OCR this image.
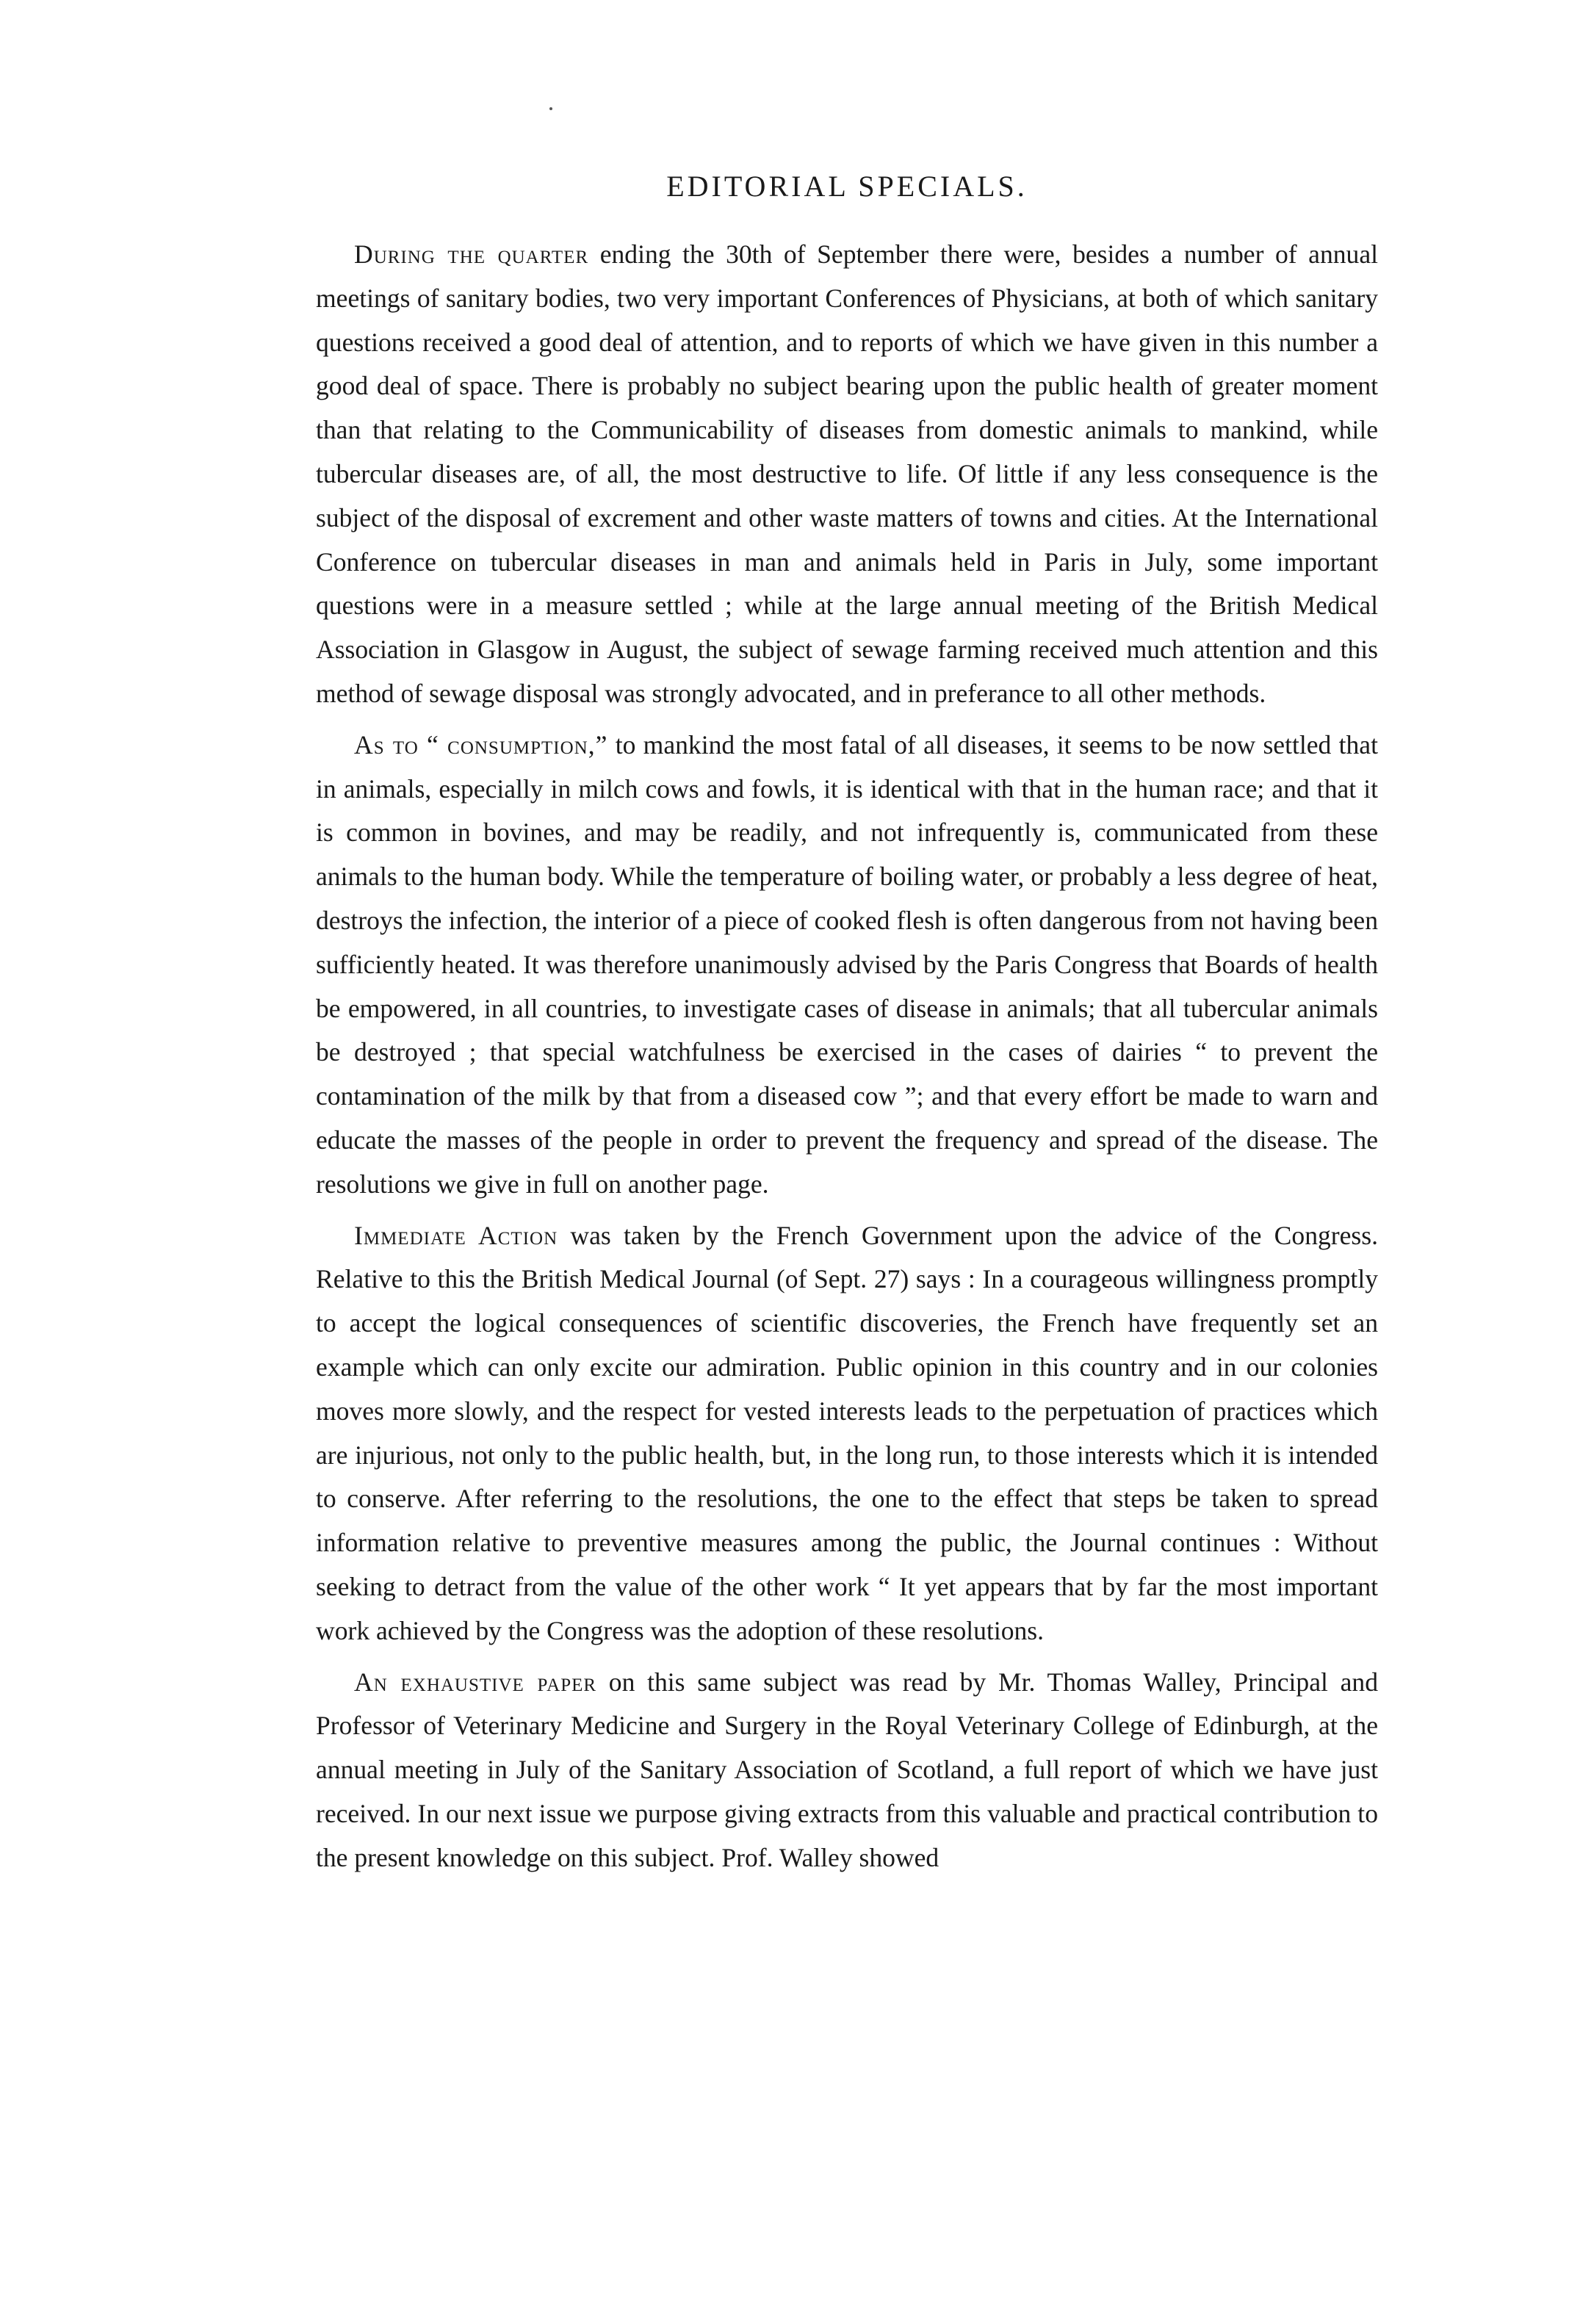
EDITORIAL SPECIALS.

During the quarter ending the 30th of September there were, besides a number of annual meetings of sanitary bodies, two very important Conferences of Physicians, at both of which sanitary questions received a good deal of attention, and to reports of which we have given in this number a good deal of space. There is probably no subject bearing upon the public health of greater moment than that relating to the Communicability of diseases from domestic animals to mankind, while tubercular diseases are, of all, the most destructive to life. Of little if any less consequence is the subject of the disposal of excrement and other waste matters of towns and cities. At the International Conference on tubercular diseases in man and animals held in Paris in July, some important questions were in a measure settled ; while at the large annual meeting of the British Medical Association in Glasgow in August, the subject of sewage farming received much attention and this method of sewage disposal was strongly advocated, and in preferance to all other methods.

As to “ consumption,” to mankind the most fatal of all diseases, it seems to be now settled that in animals, especially in milch cows and fowls, it is identical with that in the human race; and that it is common in bovines, and may be readily, and not infrequently is, communicated from these animals to the human body. While the temperature of boiling water, or probably a less degree of heat, destroys the infection, the interior of a piece of cooked flesh is often dangerous from not having been sufficiently heated. It was therefore unanimously advised by the Paris Congress that Boards of health be empowered, in all countries, to investigate cases of disease in animals; that all tubercular animals be destroyed ; that special watchfulness be exercised in the cases of dairies “ to prevent the contamination of the milk by that from a diseased cow ”; and that every effort be made to warn and educate the masses of the people in order to prevent the frequency and spread of the disease. The resolutions we give in full on another page.

Immediate Action was taken by the French Government upon the advice of the Congress. Relative to this the British Medical Journal (of Sept. 27) says : In a courageous willingness promptly to accept the logical consequences of scientific discoveries, the French have frequently set an example which can only excite our admiration. Public opinion in this country and in our colonies moves more slowly, and the respect for vested interests leads to the perpetuation of practices which are injurious, not only to the public health, but, in the long run, to those interests which it is intended to conserve. After referring to the resolutions, the one to the effect that steps be taken to spread information relative to preventive measures among the public, the Journal continues : Without seeking to detract from the value of the other work “ It yet appears that by far the most important work achieved by the Congress was the adoption of these resolutions.

An exhaustive paper on this same subject was read by Mr. Thomas Walley, Principal and Professor of Veterinary Medicine and Surgery in the Royal Veterinary College of Edinburgh, at the annual meeting in July of the Sanitary Association of Scotland, a full report of which we have just received. In our next issue we purpose giving extracts from this valuable and practical contribution to the present knowledge on this subject. Prof. Walley showed
